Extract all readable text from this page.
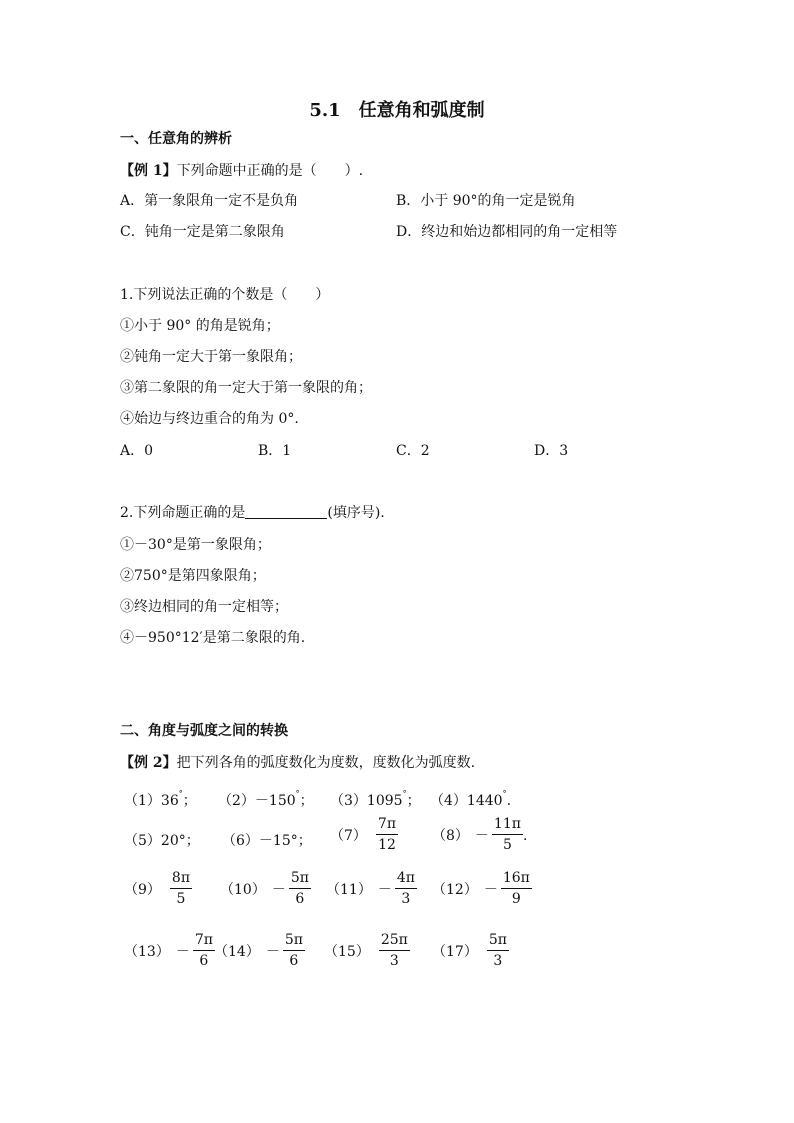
5.1　任意角和弧度制
一、任意角的辨析
【例 1】下列命题中正确的是（　　）.
A．第一象限角一定不是负角	B．小于 90°的角一定是锐角
C．钝角一定是第二象限角	D．终边和始边都相同的角一定相等
1.下列说法正确的个数是（　　）
①小于 90° 的角是锐角；
②钝角一定大于第一象限角；
③第二象限的角一定大于第一象限的角；
④始边与终边重合的角为 0°.
A．0	B．1	C．2	D．3
2.下列命题正确的是	(填序号).
①－30°是第一象限角；
②750°是第四象限角；
③终边相同的角一定相等；
④－950°12′是第二象限的角.
二、角度与弧度之间的转换
【例 2】把下列各角的弧度数化为度数，度数化为弧度数.
（1）36°； （2）－150°； （3）1095°； （4）1440°.
（5）20°； （6）－15°； $(7) \frac{7\pi}{12} (8) - \frac{11\pi}{5}$ .
$(9) \frac{8\pi}{5} (10) - \frac{5\pi}{6} (11) - \frac{4\pi}{3} (12) - \frac{16\pi}{9}$
$(13) - \frac{7\pi}{6} (14) - \frac{5\pi}{6} (15) \frac{25\pi}{3} (17) \frac{5\pi}{3}$
